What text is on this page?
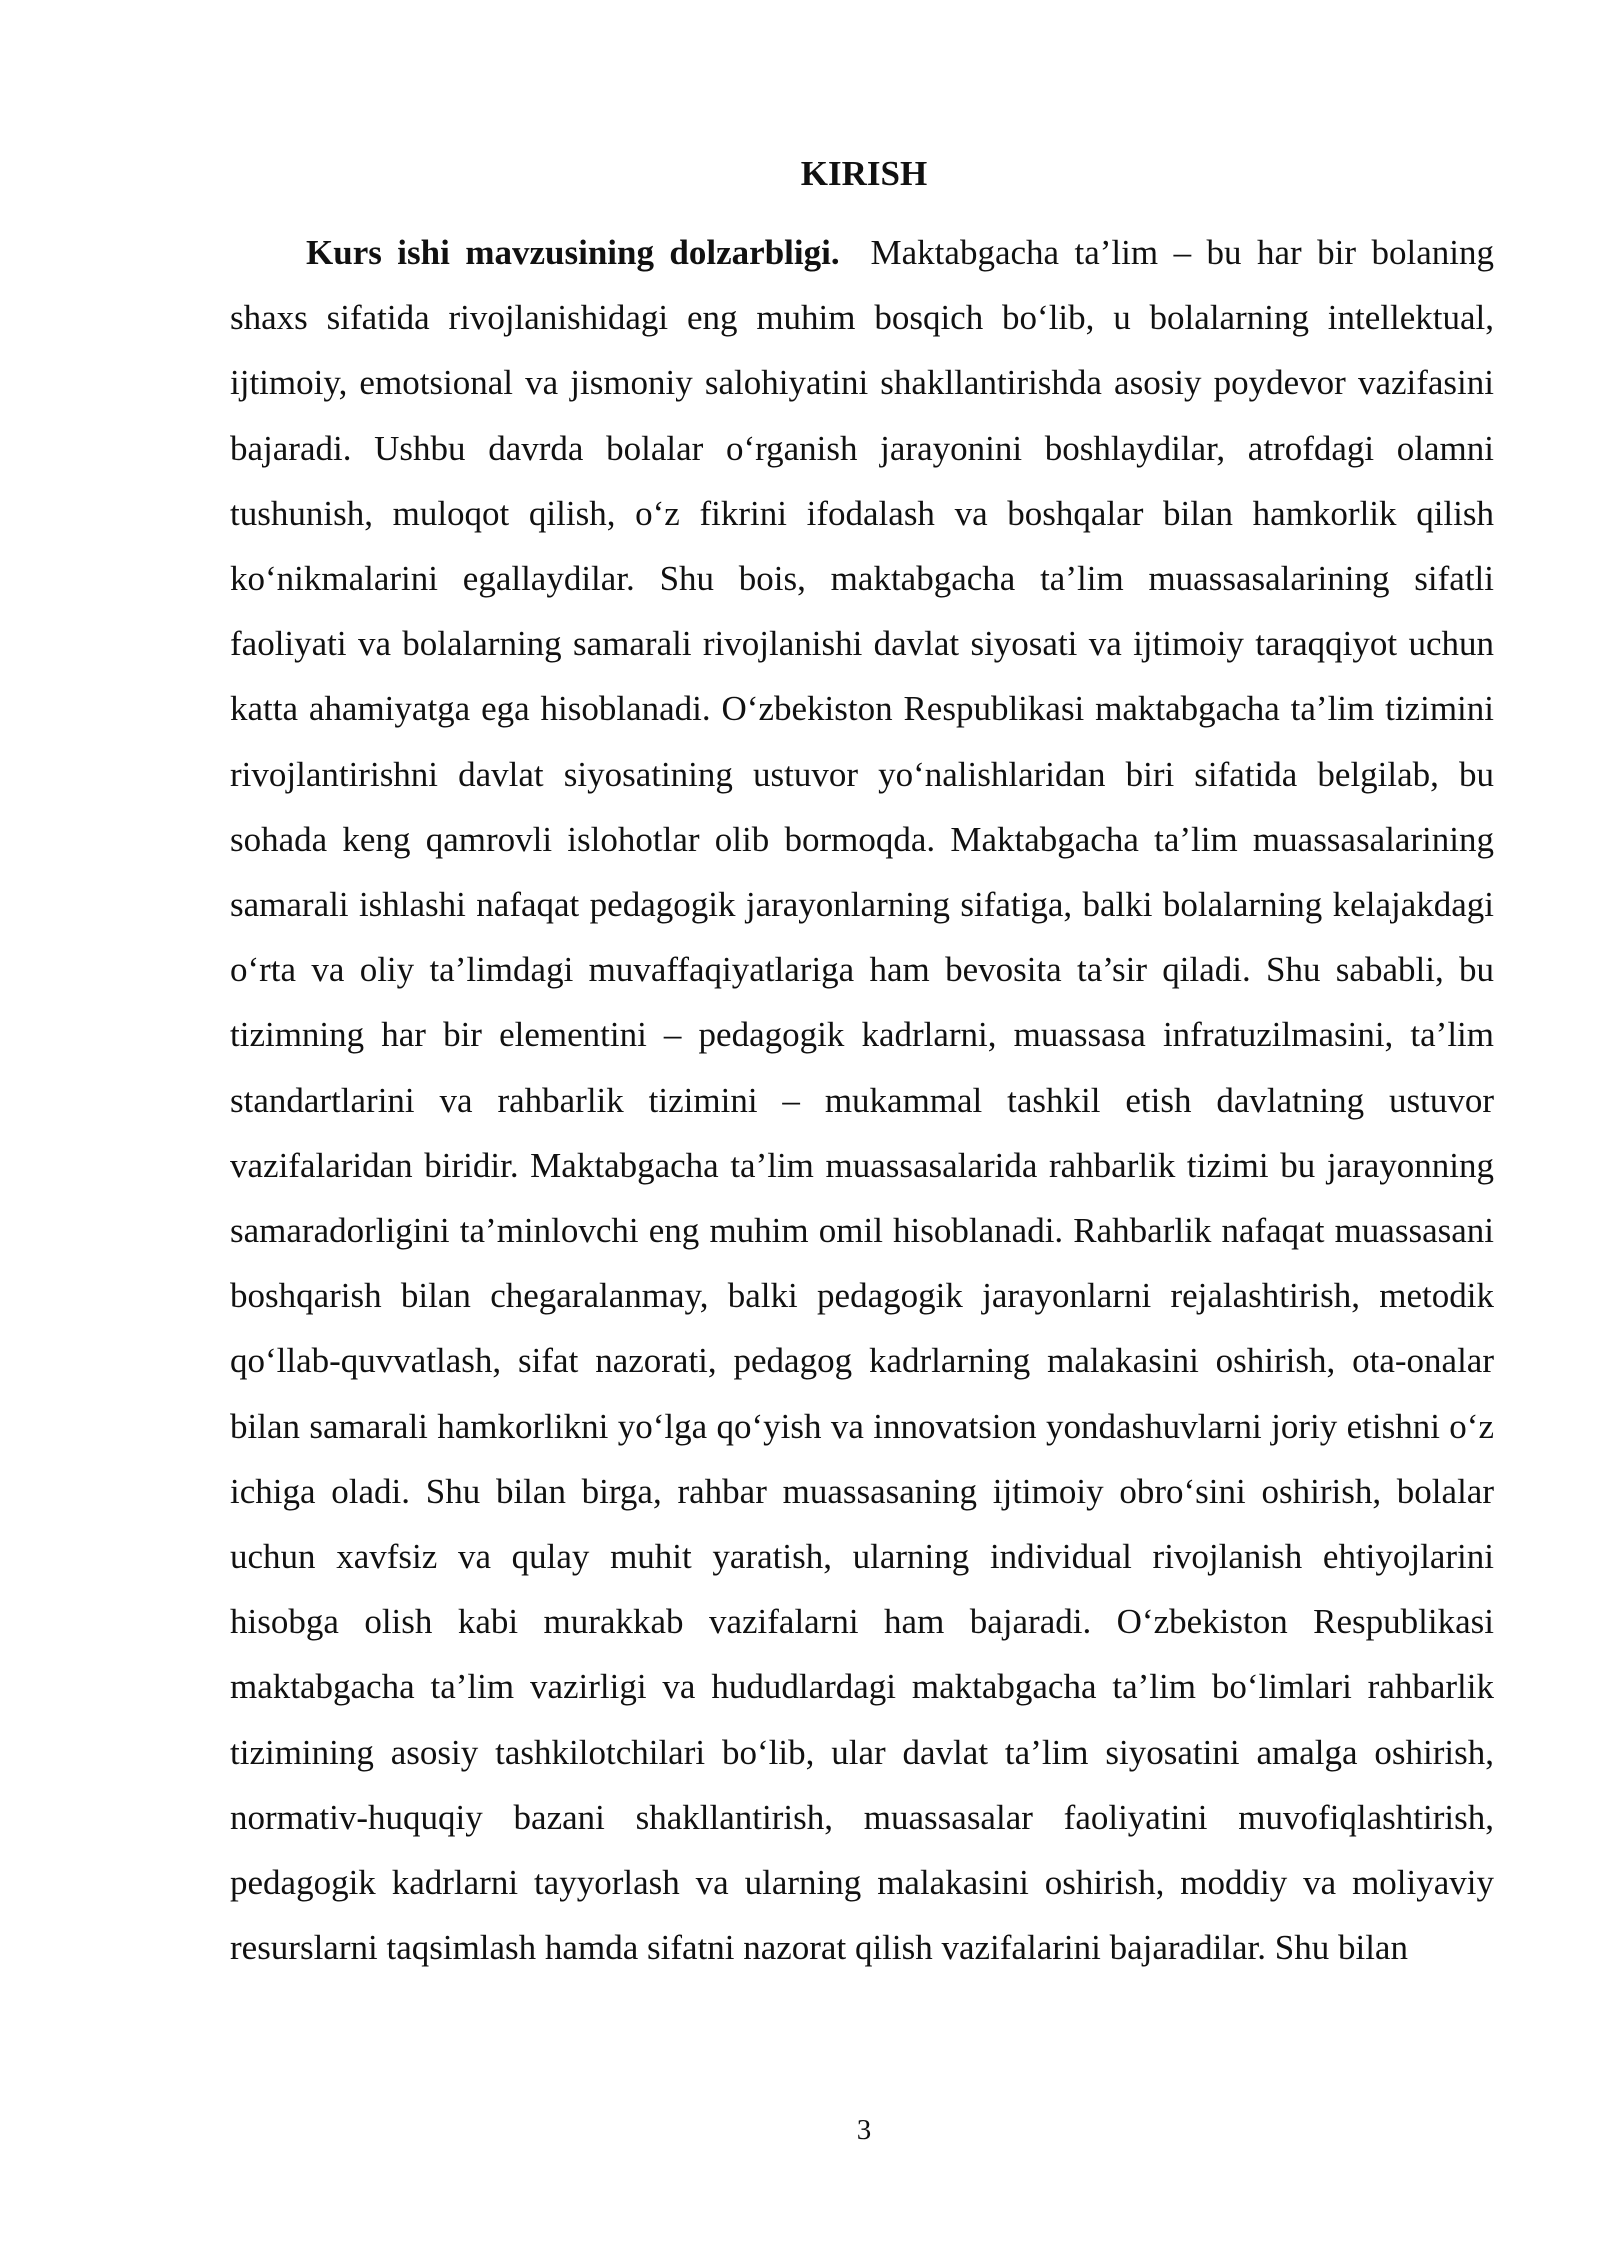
KIRISH

Kurs ishi mavzusining dolzarbligi. Maktabgacha ta’lim – bu har bir bolaning shaxs sifatida rivojlanishidagi eng muhim bosqich bo‘lib, u bolalarning intellektual, ijtimoiy, emotsional va jismoniy salohiyatini shakllantirishda asosiy poydevor vazifasini bajaradi. Ushbu davrda bolalar o‘rganish jarayonini boshlaydilar, atrofdagi olamni tushunish, muloqot qilish, o‘z fikrini ifodalash va boshqalar bilan hamkorlik qilish ko‘nikmalarini egallaydilar. Shu bois, maktabgacha ta’lim muassasalarining sifatli faoliyati va bolalarning samarali rivojlanishi davlat siyosati va ijtimoiy taraqqiyot uchun katta ahamiyatga ega hisoblanadi. O‘zbekiston Respublikasi maktabgacha ta’lim tizimini rivojlantirishni davlat siyosatining ustuvor yo‘nalishlaridan biri sifatida belgilab, bu sohada keng qamrovli islohotlar olib bormoqda. Maktabgacha ta’lim muassasalarining samarali ishlashi nafaqat pedagogik jarayonlarning sifatiga, balki bolalarning kelajakdagi o‘rta va oliy ta’limdagi muvaffaqiyatlariga ham bevosita ta’sir qiladi. Shu sababli, bu tizimning har bir elementini – pedagogik kadrlarni, muassasa infratuzilmasini, ta’lim standartlarini va rahbarlik tizimini – mukammal tashkil etish davlatning ustuvor vazifalaridan biridir. Maktabgacha ta’lim muassasalarida rahbarlik tizimi bu jarayonning samaradorligini ta’minlovchi eng muhim omil hisoblanadi. Rahbarlik nafaqat muassasani boshqarish bilan chegaralanmay, balki pedagogik jarayonlarni rejalashtirish, metodik qo‘llab-quvvatlash, sifat nazorati, pedagog kadrlarning malakasini oshirish, ota-onalar bilan samarali hamkorlikni yo‘lga qo‘yish va innovatsion yondashuvlarni joriy etishni o‘z ichiga oladi. Shu bilan birga, rahbar muassasaning ijtimoiy obro‘sini oshirish, bolalar uchun xavfsiz va qulay muhit yaratish, ularning individual rivojlanish ehtiyojlarini hisobga olish kabi murakkab vazifalarni ham bajaradi. O‘zbekiston Respublikasi maktabgacha ta’lim vazirligi va hududlardagi maktabgacha ta’lim bo‘limlari rahbarlik tizimining asosiy tashkilotchilari bo‘lib, ular davlat ta’lim siyosatini amalga oshirish, normativ-huquqiy bazani shakllantirish, muassasalar faoliyatini muvofiqlashtirish, pedagogik kadrlarni tayyorlash va ularning malakasini oshirish, moddiy va moliyaviy resurslarni taqsimlash hamda sifatni nazorat qilish vazifalarini bajaradilar. Shu bilan

3
